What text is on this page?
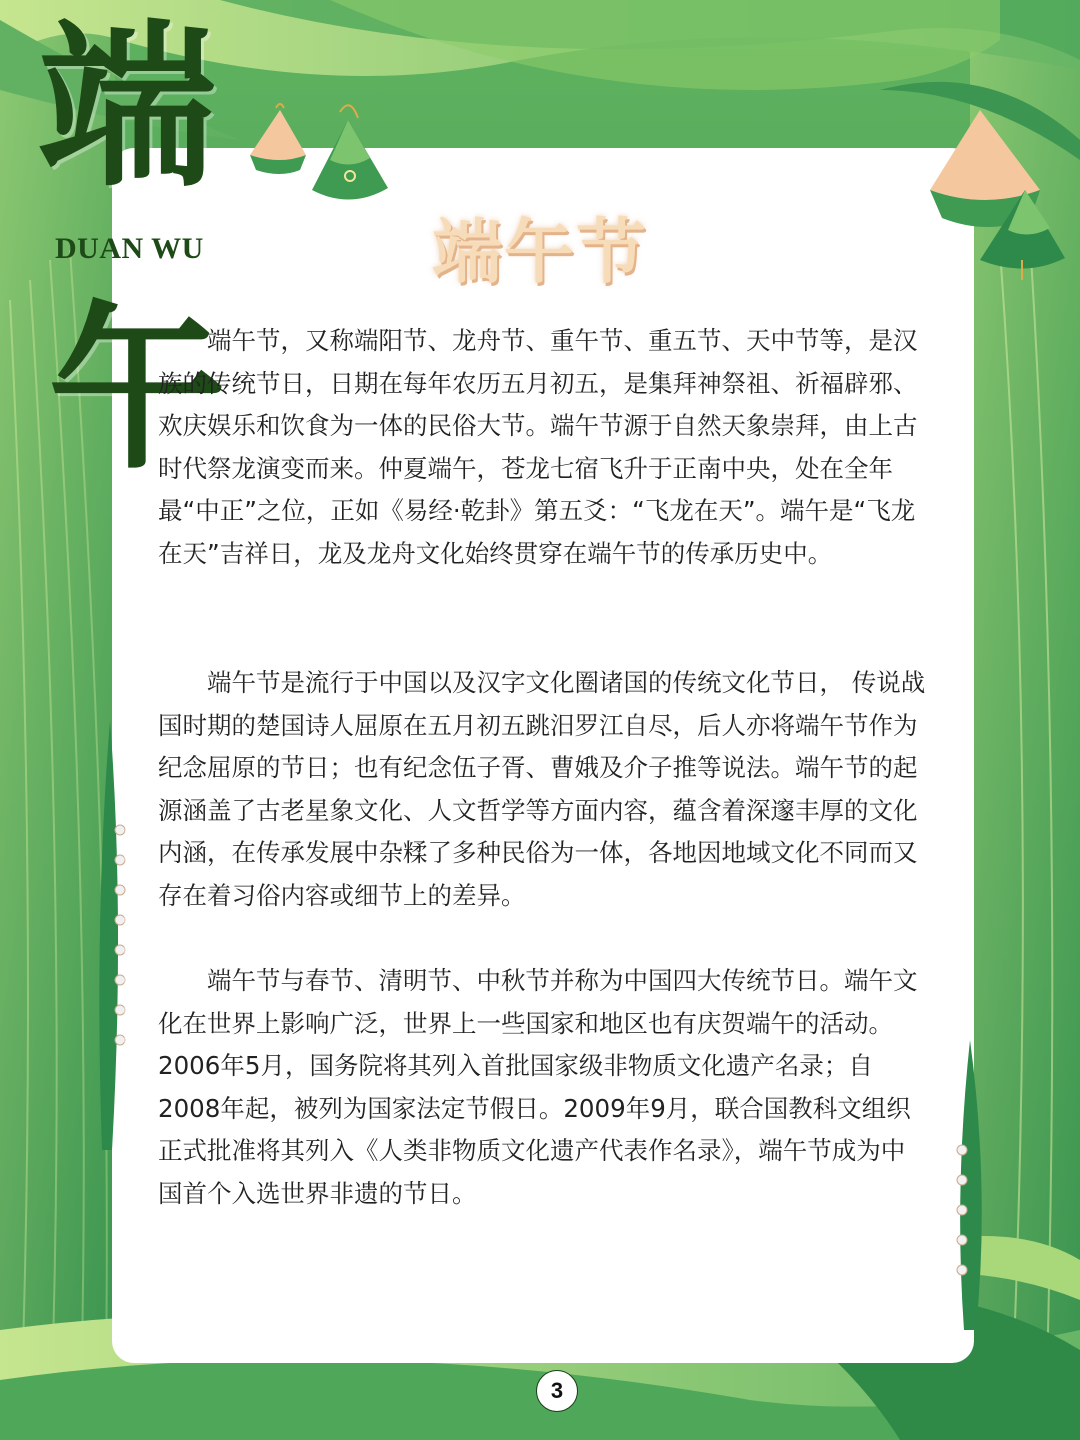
BOATFESTIVAL
端
午
DUAN WU	端午节

端午节，又称端阳节、龙舟节、重午节、重五节、天中节等，是汉族的传统节日，日期在每年农历五月初五，是集拜神祭祖、祈福辟邪、欢庆娱乐和饮食为一体的民俗大节。端午节源于自然天象崇拜，由上古时代祭龙演变而来。仲夏端午，苍龙七宿飞升于正南中央，处在全年最“中正”之位，正如《易经·乾卦》第五爻：“飞龙在天”。端午是“飞龙在天”吉祥日，龙及龙舟文化始终贯穿在端午节的传承历史中。

端午节是流行于中国以及汉字文化圈诸国的传统文化节日， 传说战国时期的楚国诗人屈原在五月初五跳汨罗江自尽，后人亦将端午节作为纪念屈原的节日；也有纪念伍子胥、曹娥及介子推等说法。端午节的起源涵盖了古老星象文化、人文哲学等方面内容，蕴含着深邃丰厚的文化内涵，在传承发展中杂糅了多种民俗为一体，各地因地域文化不同而又存在着习俗内容或细节上的差异。

端午节与春节、清明节、中秋节并称为中国四大传统节日。端午文化在世界上影响广泛，世界上一些国家和地区也有庆贺端午的活动。2006年5月，国务院将其列入首批国家级非物质文化遗产名录；自2008年起，被列为国家法定节假日。2009年9月，联合国教科文组织正式批准将其列入《人类非物质文化遗产代表作名录》，端午节成为中国首个入选世界非遗的节日。

3
